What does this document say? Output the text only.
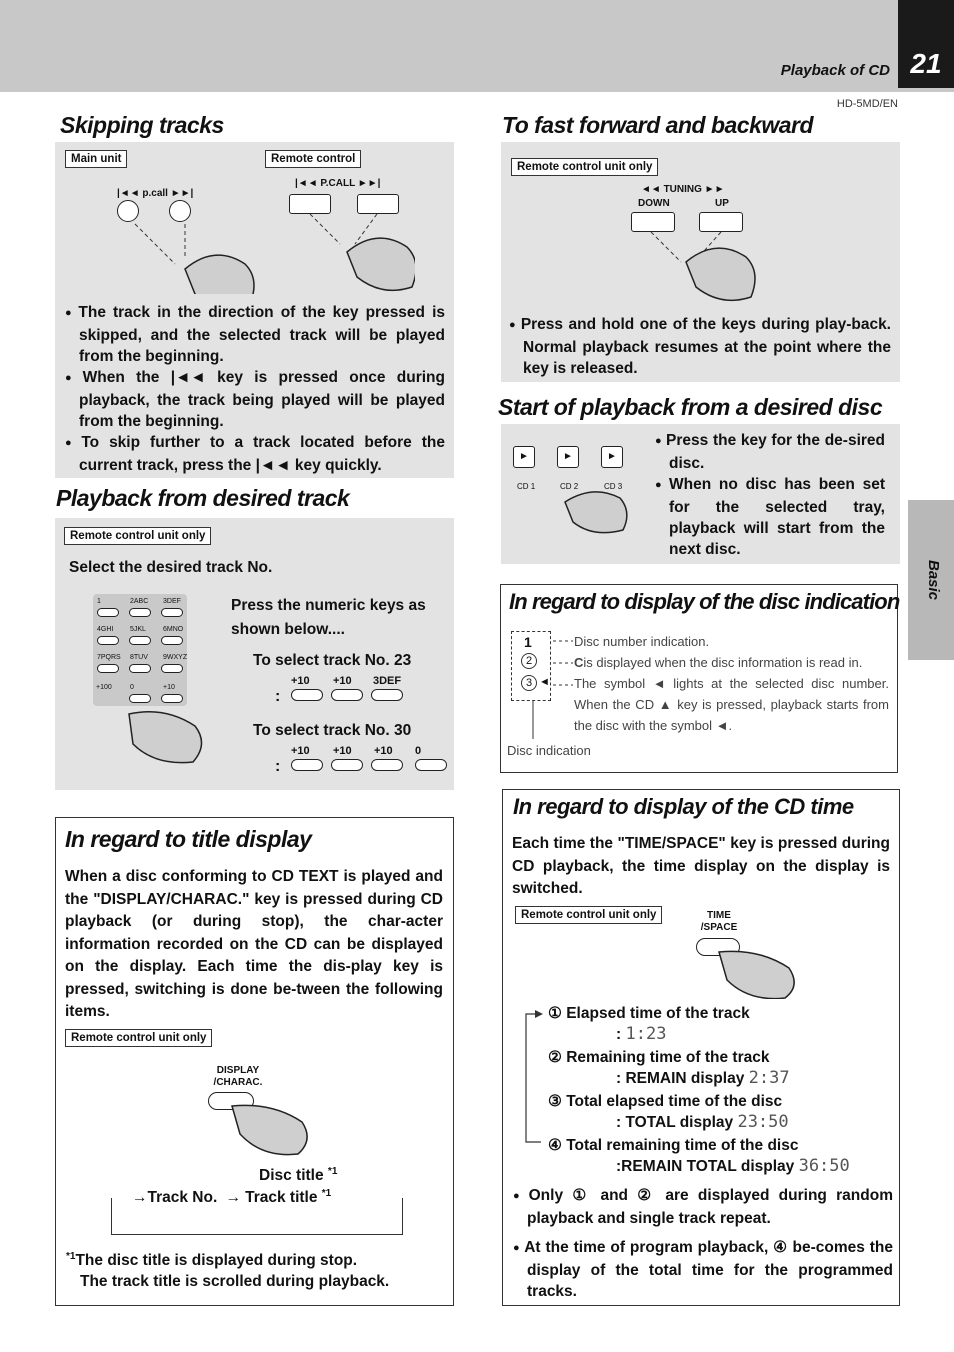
21
Playback of CD
HD-5MD/EN
Basic
Skipping tracks
Main unit	Remote control
|◄◄ p.call ►►|
|◄◄ P.CALL ►►|
● The track in the direction of the key pressed is skipped, and the selected track will be played from the beginning.
● When the |◄◄ key is pressed once during playback, the track being played will be played from the beginning.
● To skip further to a track located before the current track, press the |◄◄ key quickly.
To fast forward and backward
Remote control unit only
◄◄ TUNING ►►
DOWN	UP
● Press and hold one of the keys during play-back. Normal playback resumes at the point where the key is released.
Start of playback from a desired disc
►	►	►
CD 1	CD 2	CD 3
● Press the key for the de-sired disc.
● When no disc has been set for the selected tray, playback will start from the next disc.
Playback from desired track
Remote control unit only
Select the desired track No.
1	2ABC 3DEF
4GHI 5JKL 6MNO
7PQRS 8TUV 9WXYZ
+100	0	+10
Press the numeric keys as shown below....
To select track No. 23
+10 +10 3DEF
:
To select track No. 30
+10 +10 +10 0
:
In regard to display of the disc indication
1
2
3 ◄
Disc number indication.
Cis displayed when the disc information is read in.
The symbol ◄ lights at the selected disc number. When the CD ▲ key is pressed, playback starts from the disc with the symbol ◄.
Disc indication
In regard to title display
When a disc conforming to CD TEXT is played and the "DISPLAY/CHARAC." key is pressed during CD playback (or during stop), the char-acter information recorded on the CD can be displayed on the display. Each time the dis-play key is pressed, switching is done be-tween the following items.
Remote control unit only
DISPLAY /CHARAC.
Disc title $^{*1}$
→Track No. → Track title $^{*1}$
$^{*1}$The disc title is displayed during stop.
The track title is scrolled during playback.
In regard to display of the CD time
Each time the "TIME/SPACE" key is pressed during CD playback, the time display on the display is switched.
Remote control unit only	TIME /SPACE
① Elapsed time of the track
: 1:23
② Remaining time of the track
: REMAIN display 2:37
③ Total elapsed time of the disc
: TOTAL display 23:50
④ Total remaining time of the disc
:REMAIN TOTAL display 36:50
● Only ① and ② are displayed during random playback and single track repeat.
● At the time of program playback, ④ be-comes the display of the total time for the programmed tracks.
